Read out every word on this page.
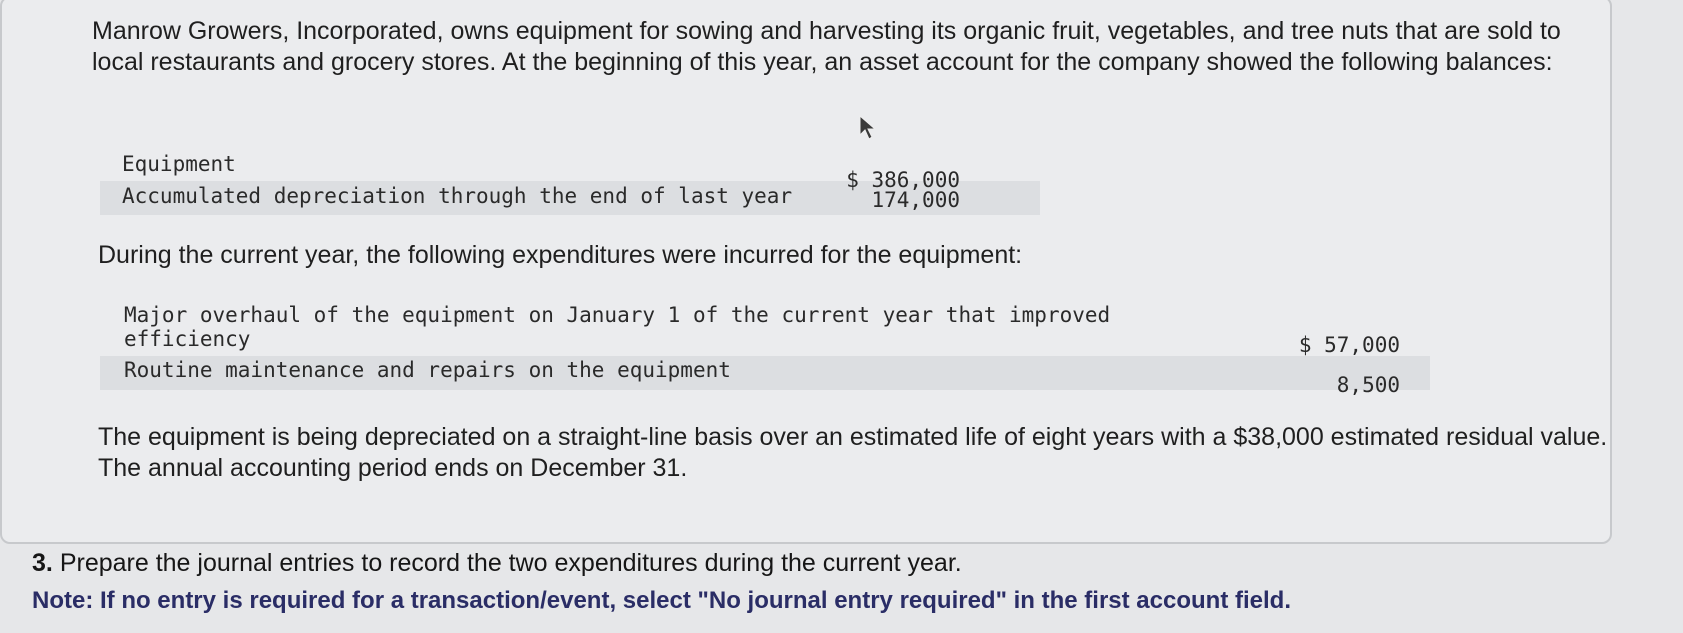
Manrow Growers, Incorporated, owns equipment for sowing and harvesting its organic fruit, vegetables, and tree nuts that are sold to local restaurants and grocery stores. At the beginning of this year, an asset account for the company showed the following balances:

Equipment
$ 386,000
Accumulated depreciation through the end of last year	174,000

During the current year, the following expenditures were incurred for the equipment:

Major overhaul of the equipment on January 1 of the current year that improved
efficiency	$ 57,000
Routine maintenance and repairs on the equipment
8,500

The equipment is being depreciated on a straight-line basis over an estimated life of eight years with a $38,000 estimated residual value. The annual accounting period ends on December 31.

3. Prepare the journal entries to record the two expenditures during the current year.

Note: If no entry is required for a transaction/event, select "No journal entry required" in the first account field.
